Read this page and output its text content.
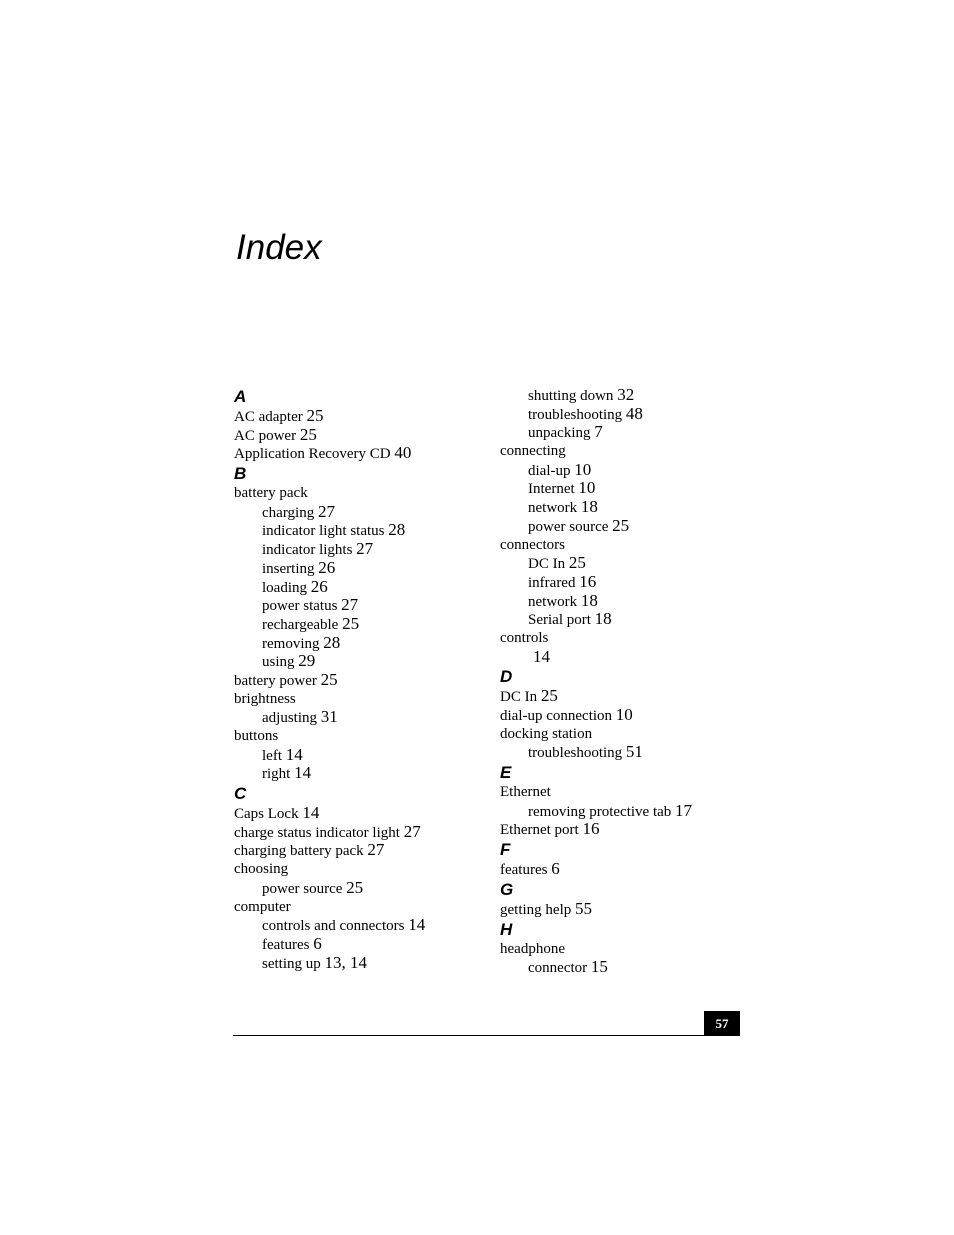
Index
A
AC adapter 25
AC power 25
Application Recovery CD 40
B
battery pack
charging 27
indicator light status 28
indicator lights 27
inserting 26
loading 26
power status 27
rechargeable 25
removing 28
using 29
battery power 25
brightness
adjusting 31
buttons
left 14
right 14
C
Caps Lock 14
charge status indicator light 27
charging battery pack 27
choosing
power source 25
computer
controls and connectors 14
features 6
setting up 13, 14
shutting down 32
troubleshooting 48
unpacking 7
connecting
dial-up 10
Internet 10
network 18
power source 25
connectors
DC In 25
infrared 16
network 18
Serial port 18
controls
14
D
DC In 25
dial-up connection 10
docking station
troubleshooting 51
E
Ethernet
removing protective tab 17
Ethernet port 16
F
features 6
G
getting help 55
H
headphone
connector 15
57
